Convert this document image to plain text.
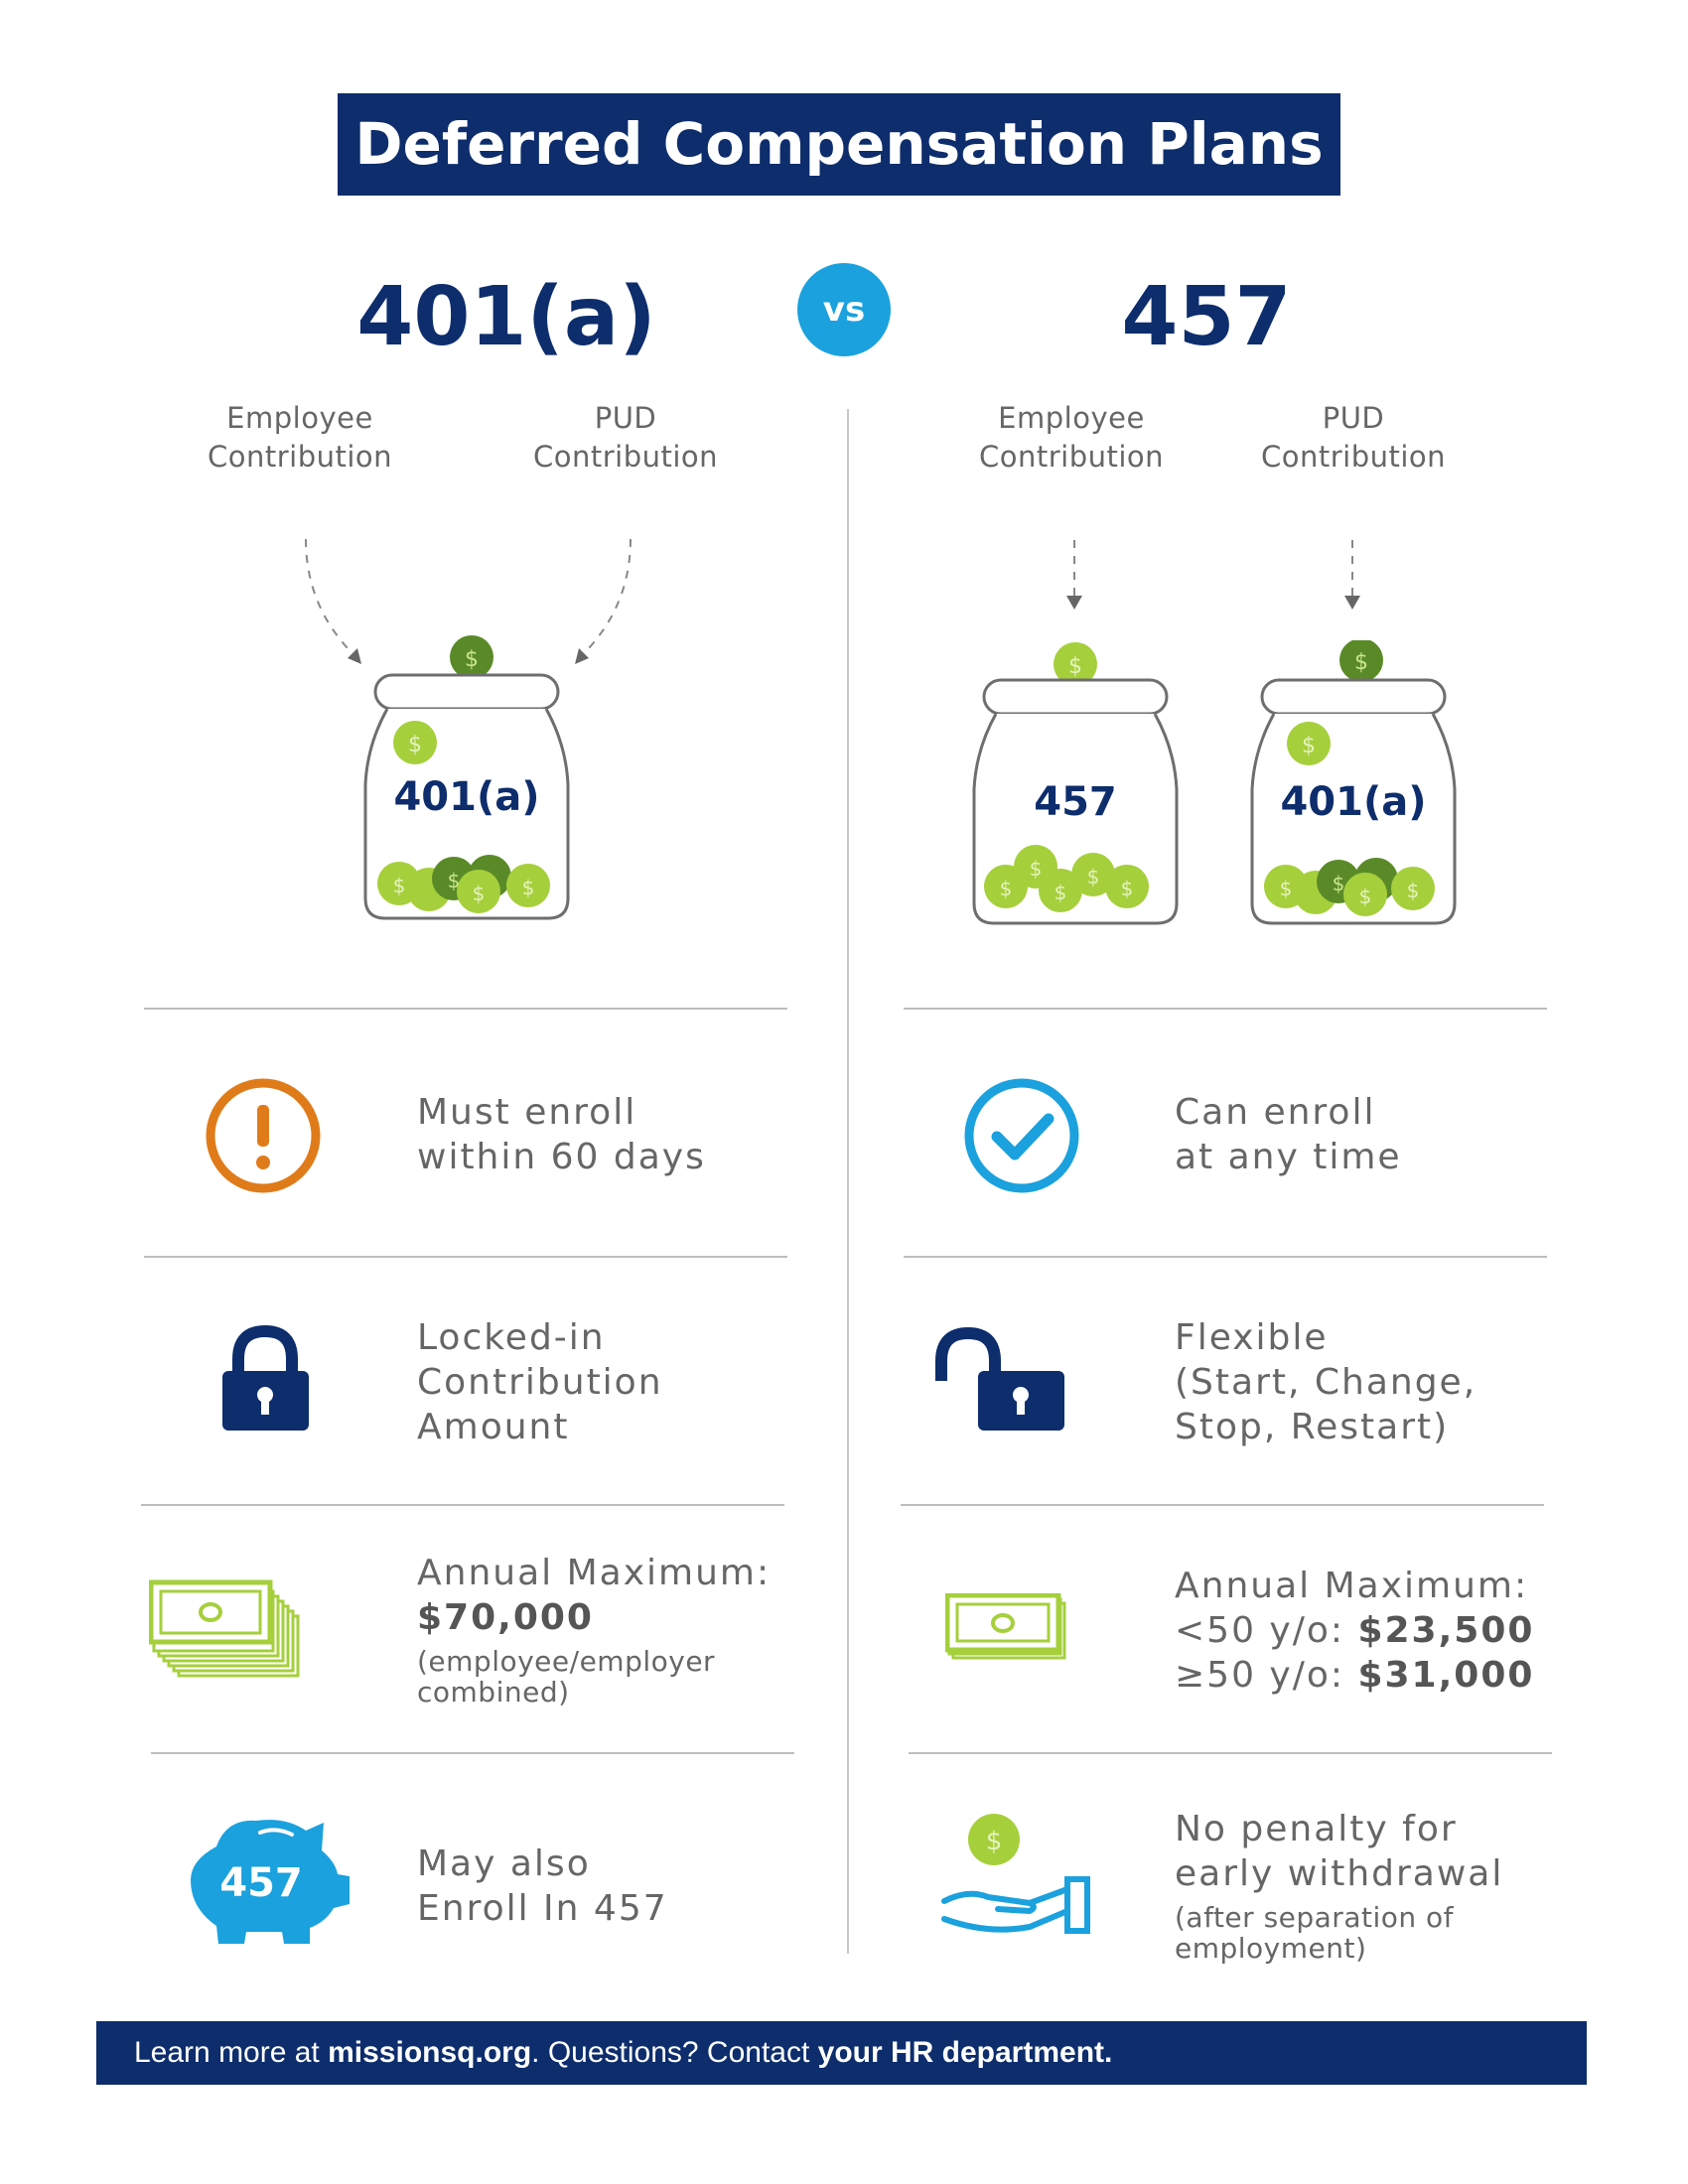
Deferred Compensation Plans
401(a)	vs	457
Employee
Contribution
PUD
Contribution
Employee
Contribution
PUD
Contribution
$
$
$ $
$ $
401(a)
$
$
$
$
$ $
457
$
$
$ $
$ $
401(a)
Must enroll
within 60 days
Can enroll
at any time
Locked-in
Contribution
Amount
Flexible
(Start, Change,
Stop, Restart)
Annual Maximum:
$70,000
(employee/employer
combined)
Annual Maximum:
<50 y/o: $23,500
≥50 y/o: $31,000
457	May also
Enroll In 457
$	No penalty for
early withdrawal
(after separation of
employment)
Learn more at missionsq.org. Questions? Contact your HR department.
